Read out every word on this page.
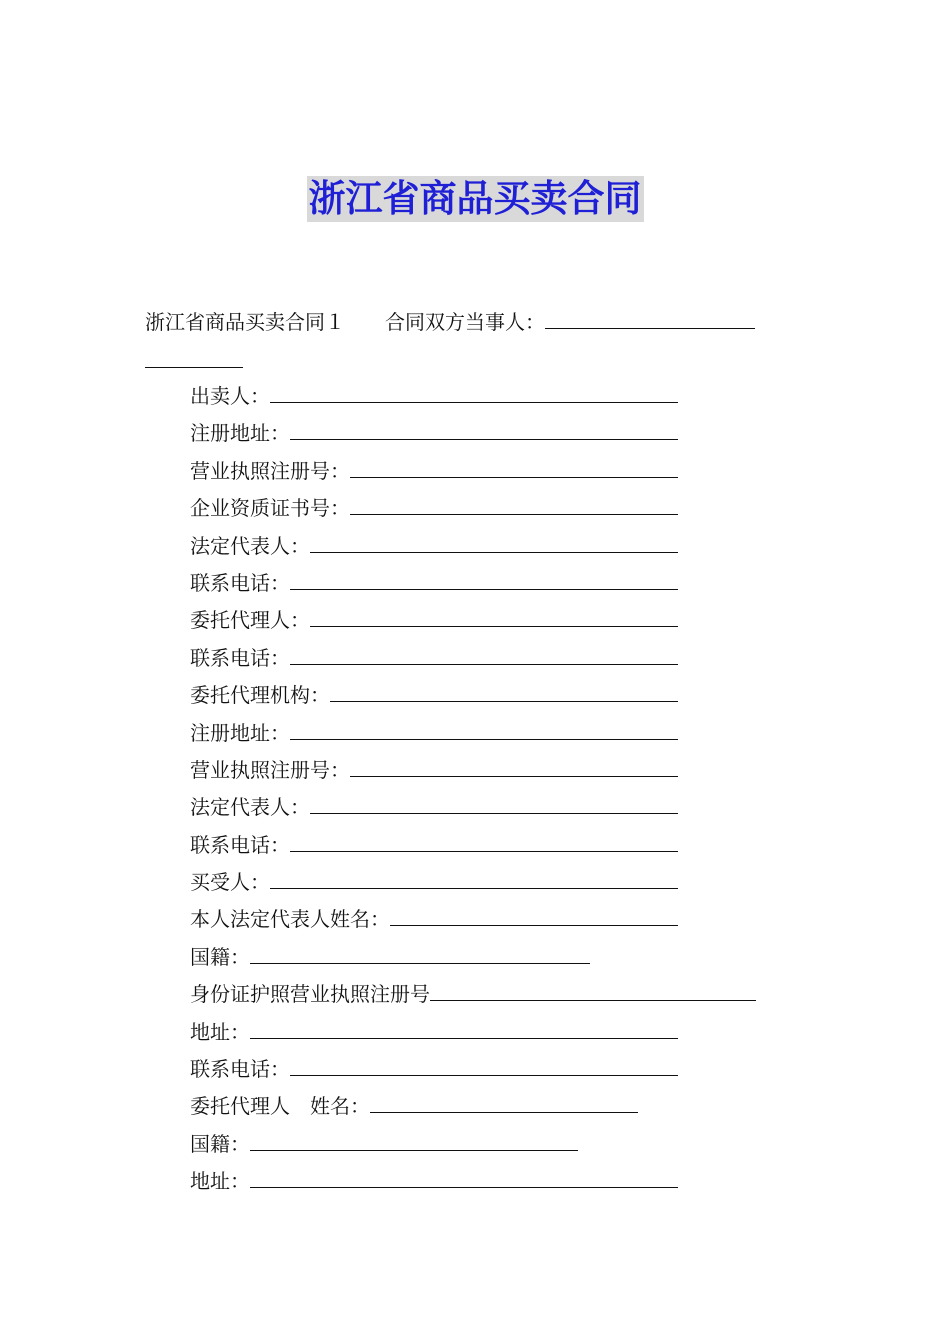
浙江省商品买卖合同
浙江省商品买卖合同１ 合同双方当事人：
出卖人：
注册地址：
营业执照注册号：
企业资质证书号：
法定代表人：
联系电话：
委托代理人：
联系电话：
委托代理机构：
注册地址：
营业执照注册号：
法定代表人：
联系电话：
买受人：
本人法定代表人姓名：
国籍：
身份证护照营业执照注册号
地址：
联系电话：
委托代理人　姓名：
国籍：
地址：
